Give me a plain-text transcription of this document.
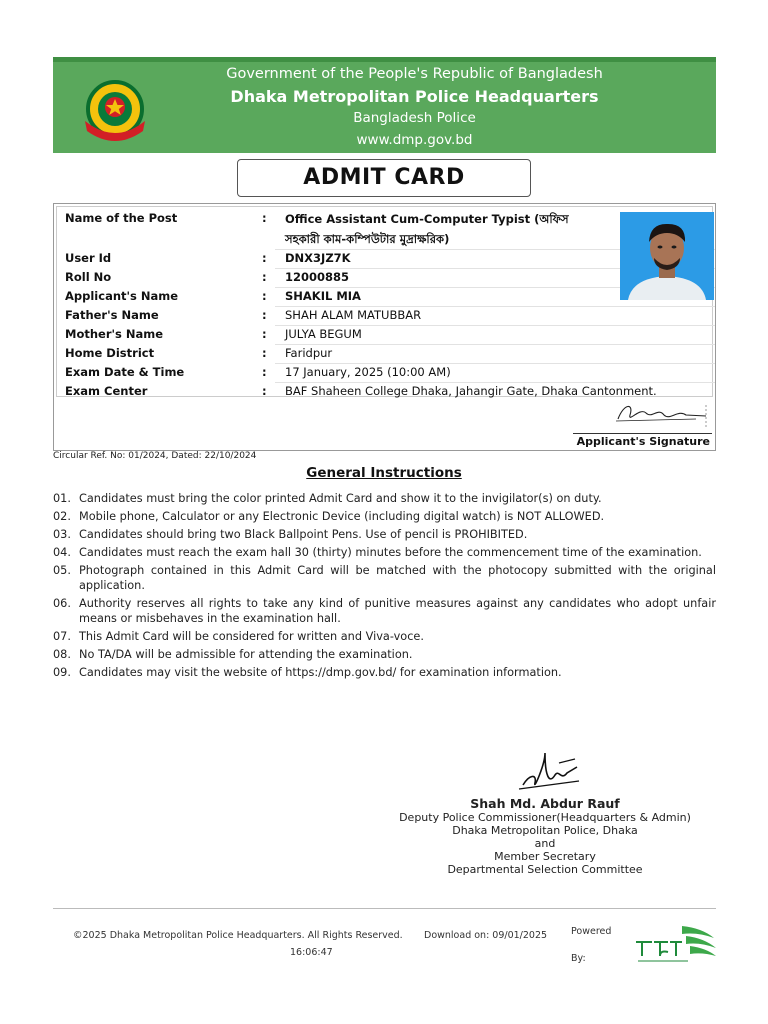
Government of the People's Republic of Bangladesh
Dhaka Metropolitan Police Headquarters
Bangladesh Police
www.dmp.gov.bd
ADMIT CARD
Name of the Post	:	Office Assistant Cum-Computer Typist (অফিস
সহকারী কাম-কম্পিউটার মুদ্রাক্ষরিক)
User Id	:	DNX3JZ7K
Roll No	:	12000885
Applicant's Name	:	SHAKIL MIA
Father's Name	:	SHAH ALAM MATUBBAR
Mother's Name	:	JULYA BEGUM
Home District	:	Faridpur
Exam Date & Time	:	17 January, 2025 (10:00 AM)
Exam Center	:	BAF Shaheen College Dhaka, Jahangir Gate, Dhaka Cantonment.
Applicant's Signature
Circular Ref. No: 01/2024, Dated: 22/10/2024
General Instructions
01. Candidates must bring the color printed Admit Card and show it to the invigilator(s) on duty.
02. Mobile phone, Calculator or any Electronic Device (including digital watch) is NOT ALLOWED.
03. Candidates should bring two Black Ballpoint Pens. Use of pencil is PROHIBITED.
04. Candidates must reach the exam hall 30 (thirty) minutes before the commencement time of the examination.
05. Photograph contained in this Admit Card will be matched with the photocopy submitted with the original application.
06. Authority reserves all rights to take any kind of punitive measures against any candidates who adopt unfair means or misbehaves in the examination hall.
07. This Admit Card will be considered for written and Viva-voce.
08. No TA/DA will be admissible for attending the examination.
09. Candidates may visit the website of https://dmp.gov.bd/ for examination information.
Shah Md. Abdur Rauf
Deputy Police Commissioner(Headquarters & Admin)
Dhaka Metropolitan Police, Dhaka
and
Member Secretary
Departmental Selection Committee
©2025 Dhaka Metropolitan Police Headquarters. All Rights Reserved. Download on: 09/01/2025
16:06:47
Powered
By:
